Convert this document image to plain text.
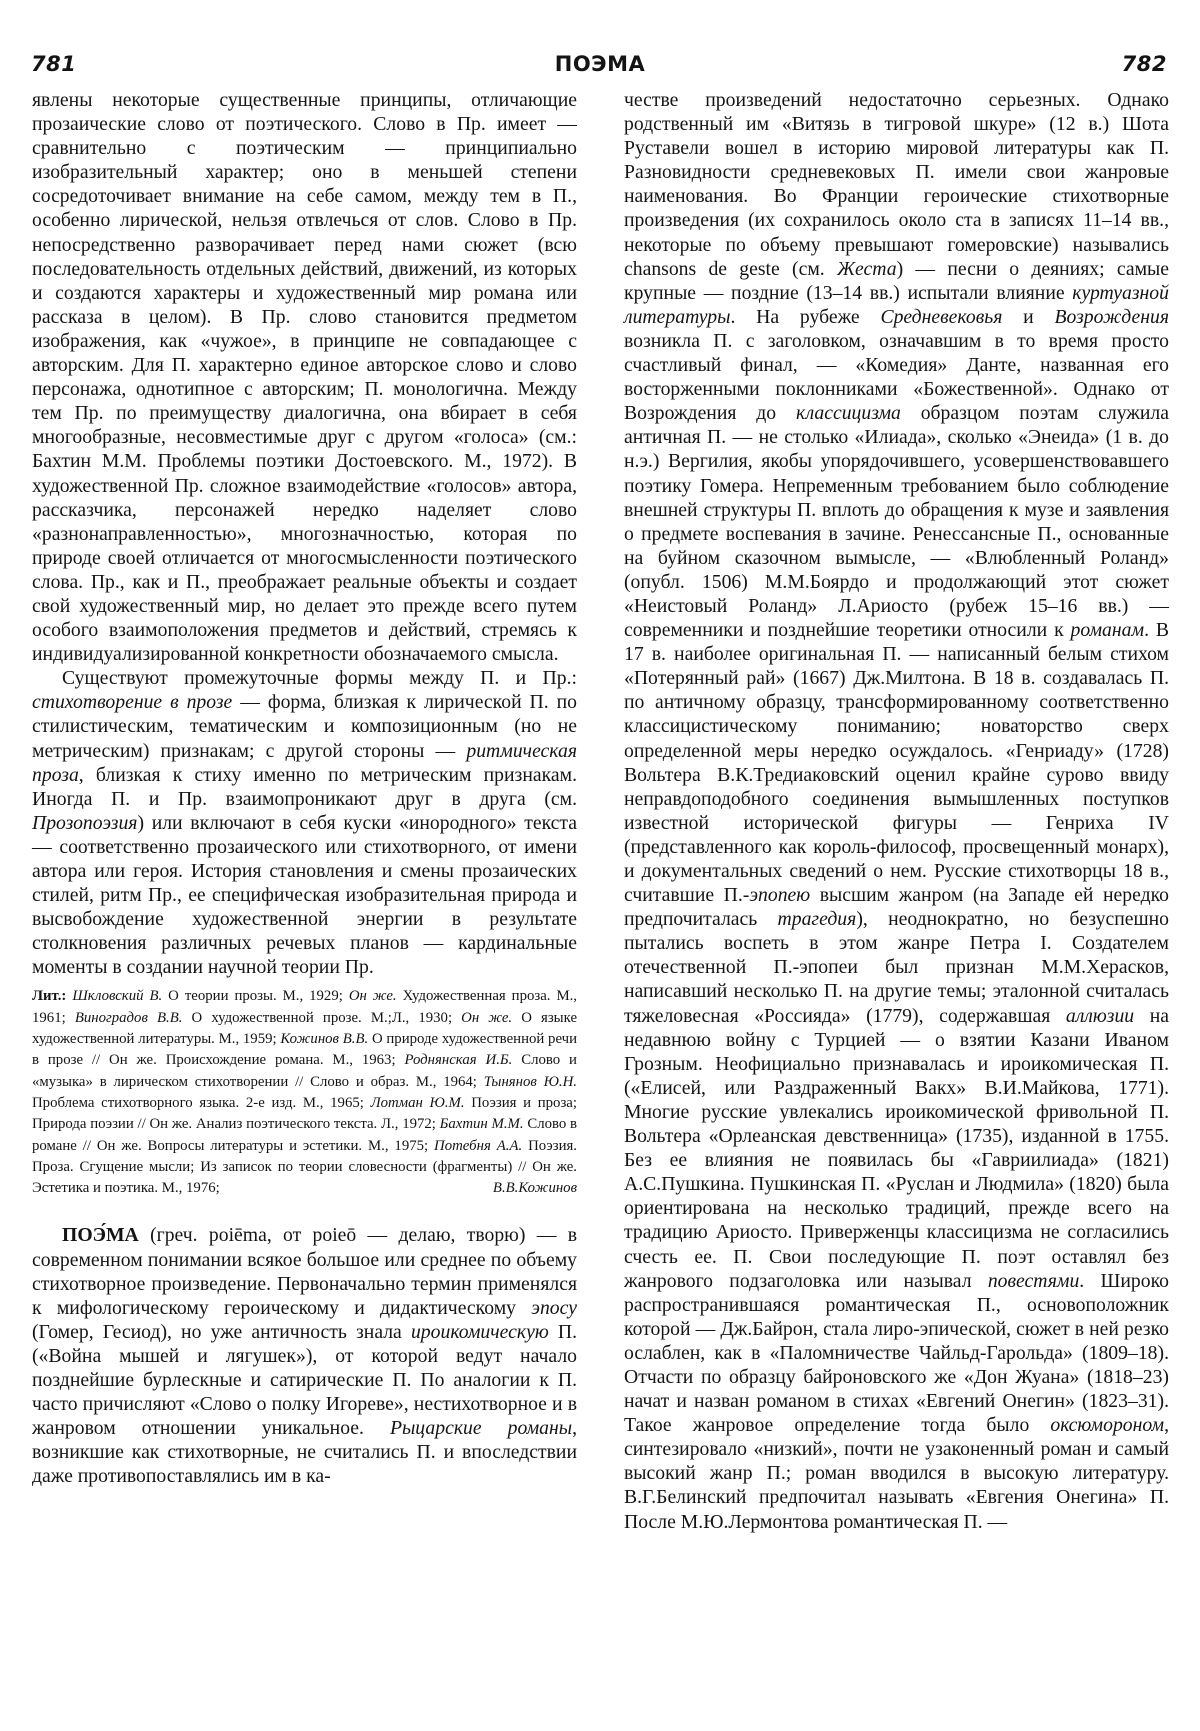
781	ПОЭМА	782

явлены некоторые существенные принципы, отличающие прозаические слово от поэтического. Слово в Пр. имеет — сравнительно с поэтическим — принципиально изобразительный характер; оно в меньшей степени сосредоточивает внимание на себе самом, между тем в П., особенно лирической, нельзя отвлечься от слов. Слово в Пр. непосредственно разворачивает перед нами сюжет (всю последовательность отдельных действий, движений, из которых и создаются характеры и художественный мир романа или рассказа в целом). В Пр. слово становится предметом изображения, как «чужое», в принципе не совпадающее с авторским. Для П. характерно единое авторское слово и слово персонажа, однотипное с авторским; П. монологична. Между тем Пр. по преимуществу диалогична, она вбирает в себя многообразные, несовместимые друг с другом «голоса» (см.: Бахтин М.М. Проблемы поэтики Достоевского. М., 1972). В художественной Пр. сложное взаимодействие «голосов» автора, рассказчика, персонажей нередко наделяет слово «разнонаправленностью», многозначностью, которая по природе своей отличается от многосмысленности поэтического слова. Пр., как и П., преображает реальные объекты и создает свой художественный мир, но делает это прежде всего путем особого взаимоположения предметов и действий, стремясь к индивидуализированной конкретности обозначаемого смысла.

Существуют промежуточные формы между П. и Пр.: стихотворение в прозе — форма, близкая к лирической П. по стилистическим, тематическим и композиционным (но не метрическим) признакам; с другой стороны — ритмическая проза, близкая к стиху именно по метрическим признакам. Иногда П. и Пр. взаимопроникают друг в друга (см. Прозопоэзия) или включают в себя куски «инородного» текста — соответственно прозаического или стихотворного, от имени автора или героя. История становления и смены прозаических стилей, ритм Пр., ее специфическая изобразительная природа и высвобождение художественной энергии в результате столкновения различных речевых планов — кардинальные моменты в создании научной теории Пр.

Лит.: Шкловский В. О теории прозы. М., 1929; Он же. Художественная проза. М., 1961; Виноградов В.В. О художественной прозе. М.;Л., 1930; Он же. О языке художественной литературы. М., 1959; Кожинов В.В. О природе художественной речи в прозе // Он же. Происхождение романа. М., 1963; Роднянская И.Б. Слово и «музыка» в лирическом стихотворении // Слово и образ. М., 1964; Тынянов Ю.Н. Проблема стихотворного языка. 2-е изд. М., 1965; Лотман Ю.М. Поэзия и проза; Природа поэзии // Он же. Анализ поэтического текста. Л., 1972; Бахтин М.М. Слово в романе // Он же. Вопросы литературы и эстетики. М., 1975; Потебня А.А. Поэзия. Проза. Сгущение мысли; Из записок по теории словесности (фрагменты) // Он же. Эстетика и поэтика. М., 1976;	В.В.Кожинов

ПОЭ́МА (греч. poiēma, от poieō — делаю, творю) — в современном понимании всякое большое или среднее по объему стихотворное произведение. Первоначально термин применялся к мифологическому героическому и дидактическому эпосу (Гомер, Гесиод), но уже античность знала ироикомическую П. («Война мышей и лягушек»), от которой ведут начало позднейшие бурлескные и сатирические П. По аналогии к П. часто причисляют «Слово о полку Игореве», нестихотворное и в жанровом отношении уникальное. Рыцарские романы, возникшие как стихотворные, не считались П. и впоследствии даже противопоставлялись им в ка-

честве произведений недостаточно серьезных. Однако родственный им «Витязь в тигровой шкуре» (12 в.) Шота Руставели вошел в историю мировой литературы как П. Разновидности средневековых П. имели свои жанровые наименования. Во Франции героические стихотворные произведения (их сохранилось около ста в записях 11–14 вв., некоторые по объему превышают гомеровские) назывались chansons de geste (см. Жеста) — песни о деяниях; самые крупные — поздние (13–14 вв.) испытали влияние куртуазной литературы. На рубеже Средневековья и Возрождения возникла П. с заголовком, означавшим в то время просто счастливый финал, — «Комедия» Данте, названная его восторженными поклонниками «Божественной». Однако от Возрождения до классицизма образцом поэтам служила античная П. — не столько «Илиада», сколько «Энеида» (1 в. до н.э.) Вергилия, якобы упорядочившего, усовершенствовавшего поэтику Гомера. Непременным требованием было соблюдение внешней структуры П. вплоть до обращения к музе и заявления о предмете воспевания в зачине. Ренессансные П., основанные на буйном сказочном вымысле, — «Влюбленный Роланд» (опубл. 1506) М.М.Боярдо и продолжающий этот сюжет «Неистовый Роланд» Л.Ариосто (рубеж 15–16 вв.) — современники и позднейшие теоретики относили к романам. В 17 в. наиболее оригинальная П. — написанный белым стихом «Потерянный рай» (1667) Дж.Милтона. В 18 в. создавалась П. по античному образцу, трансформированному соответственно классицистическому пониманию; новаторство сверх определенной меры нередко осуждалось. «Генриаду» (1728) Вольтера В.К.Тредиаковский оценил крайне сурово ввиду неправдоподобного соединения вымышленных поступков известной исторической фигуры — Генриха IV (представленного как король-философ, просвещенный монарх), и документальных сведений о нем. Русские стихотворцы 18 в., считавшие П.-эпопею высшим жанром (на Западе ей нередко предпочиталась трагедия), неоднократно, но безуспешно пытались воспеть в этом жанре Петра I. Создателем отечественной П.-эпопеи был признан М.М.Херасков, написавший несколько П. на другие темы; эталонной считалась тяжеловесная «Россияда» (1779), содержавшая аллюзии на недавнюю войну с Турцией — о взятии Казани Иваном Грозным. Неофициально признавалась и ироикомическая П. («Елисей, или Раздраженный Вакх» В.И.Майкова, 1771). Многие русские увлекались ироикомической фривольной П. Вольтера «Орлеанская девственница» (1735), изданной в 1755. Без ее влияния не появилась бы «Гавриилиада» (1821) А.С.Пушкина. Пушкинская П. «Руслан и Людмила» (1820) была ориентирована на несколько традиций, прежде всего на традицию Ариосто. Приверженцы классицизма не согласились счесть ее. П. Свои последующие П. поэт оставлял без жанрового подзаголовка или называл повестями. Широко распространившаяся романтическая П., основоположник которой — Дж.Байрон, стала лиро-эпической, сюжет в ней резко ослаблен, как в «Паломничестве Чайльд-Гарольда» (1809–18). Отчасти по образцу байроновского же «Дон Жуана» (1818–23) начат и назван романом в стихах «Евгений Онегин» (1823–31). Такое жанровое определение тогда было оксюмороном, синтезировало «низкий», почти не узаконенный роман и самый высокий жанр П.; роман вводился в высокую литературу. В.Г.Белинский предпочитал называть «Евгения Онегина» П. После М.Ю.Лермонтова романтическая П. —
